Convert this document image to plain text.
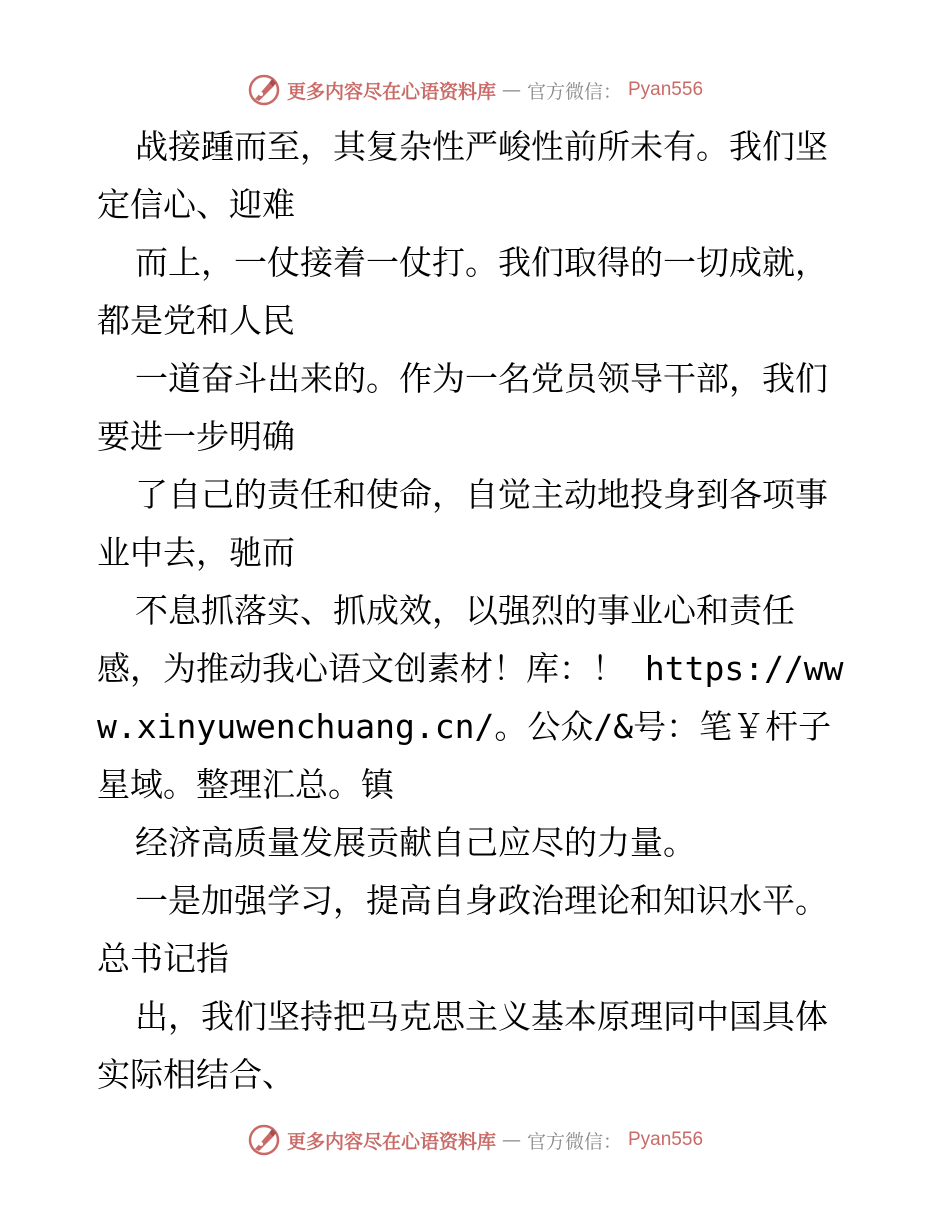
更多内容尽在心语资料库 — 官方微信： Pyan556

战接踵而至，其复杂性严峻性前所未有。我们坚定信心、迎难

而上，一仗接着一仗打。我们取得的一切成就，都是党和人民

一道奋斗出来的。作为一名党员领导干部，我们要进一步明确

了自己的责任和使命，自觉主动地投身到各项事业中去，驰而

不息抓落实、抓成效，以强烈的事业心和责任感，为推动我心语文创素材！库：！ https://www.xinyuwenchuang.cn/。公众/&号：笔￥杆子星域。整理汇总。镇

经济高质量发展贡献自己应尽的力量。

一是加强学习，提高自身政治理论和知识水平。总书记指

出，我们坚持把马克思主义基本原理同中国具体实际相结合、

更多内容尽在心语资料库 — 官方微信： Pyan556
